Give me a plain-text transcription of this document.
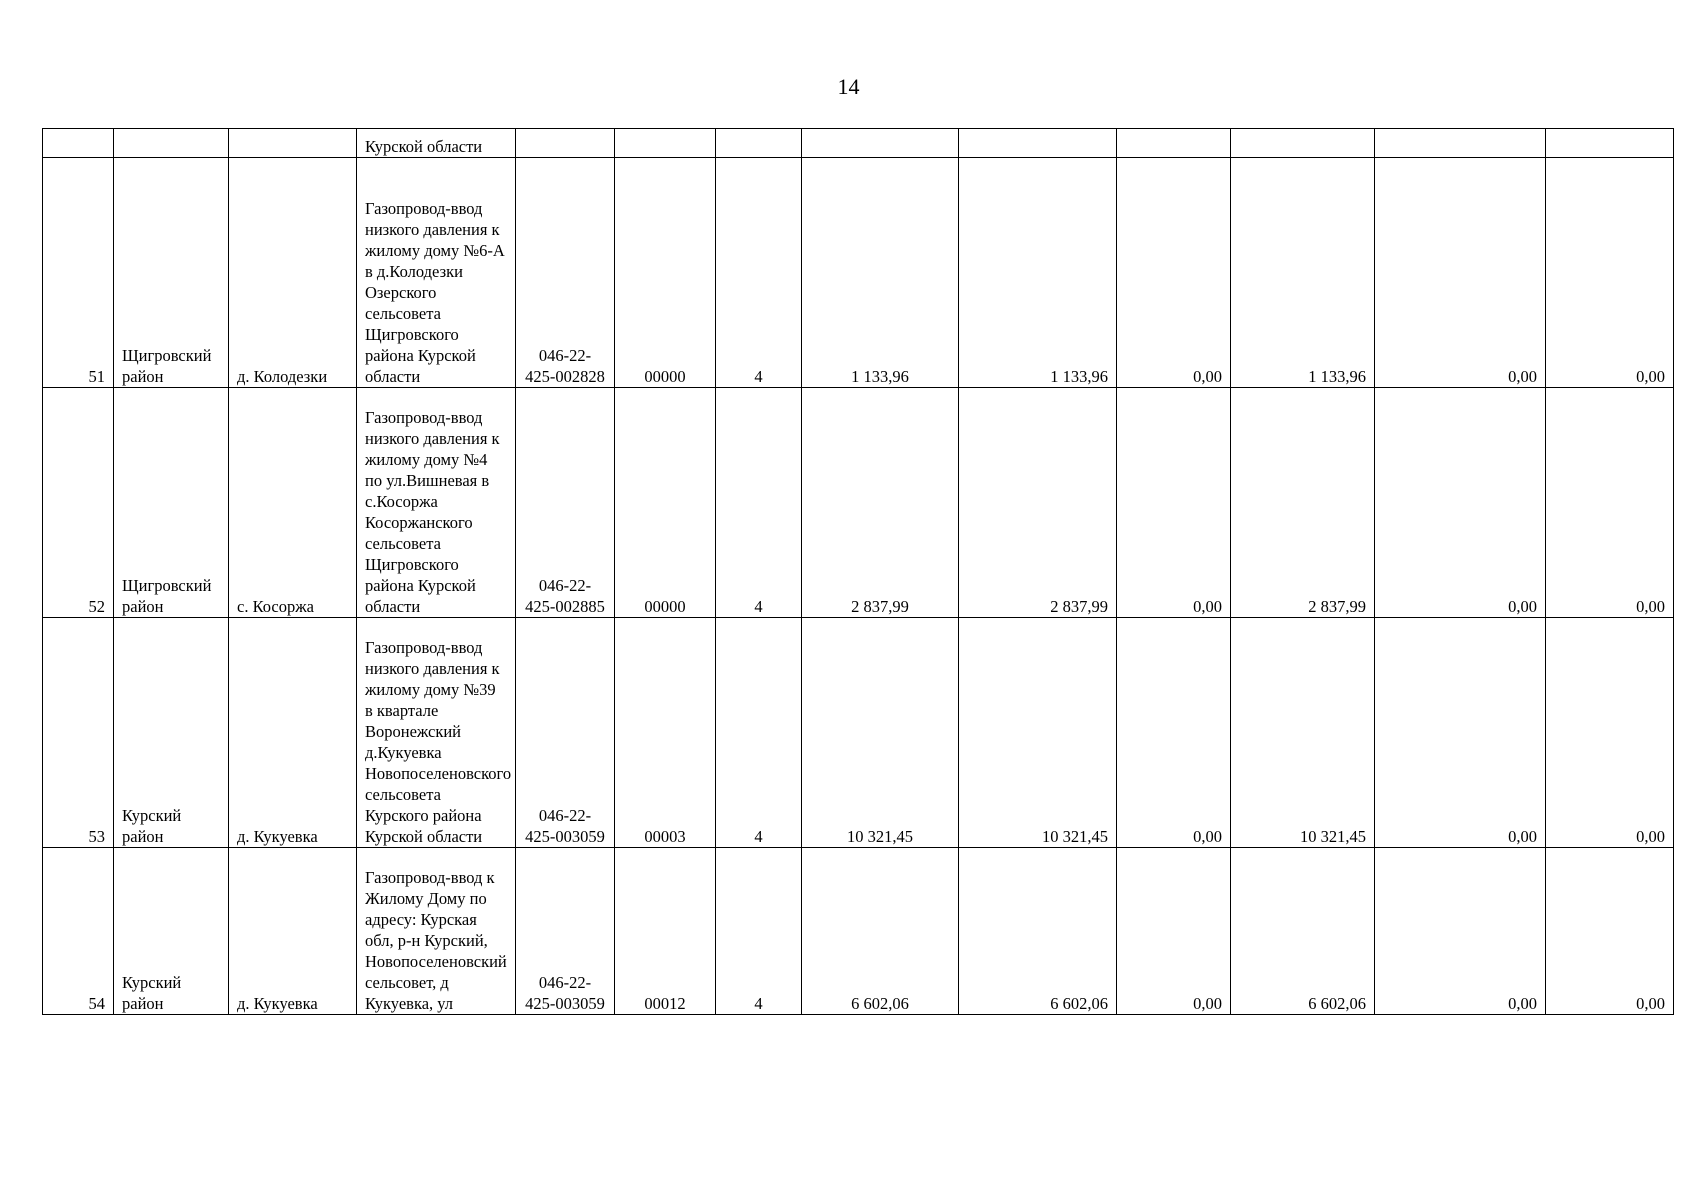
14
			Курской области									
51	Щигровский район	д. Колодезки	Газопровод-ввод низкого давления к жилому дому №6-А в д.Колодезки Озерского сельсовета Щигровского района Курской области	046-22-425-002828	00000	4	1 133,96	1 133,96	0,00	1 133,96	0,00	0,00
52	Щигровский район	с. Косоржа	Газопровод-ввод низкого давления к жилому дому №4 по ул.Вишневая в с.Косоржа Косоржанского сельсовета Щигровского района Курской области	046-22-425-002885	00000	4	2 837,99	2 837,99	0,00	2 837,99	0,00	0,00
53	Курский район	д. Кукуевка	Газопровод-ввод низкого давления к жилому дому №39 в квартале Воронежский д.Кукуевка Новопоселеновского сельсовета Курского района Курской области	046-22-425-003059	00003	4	10 321,45	10 321,45	0,00	10 321,45	0,00	0,00
54	Курский район	д. Кукуевка	Газопровод-ввод к Жилому Дому по адресу: Курская обл, р-н Курский, Новопоселеновский сельсовет, д Кукуевка, ул	046-22-425-003059	00012	4	6 602,06	6 602,06	0,00	6 602,06	0,00	0,00
